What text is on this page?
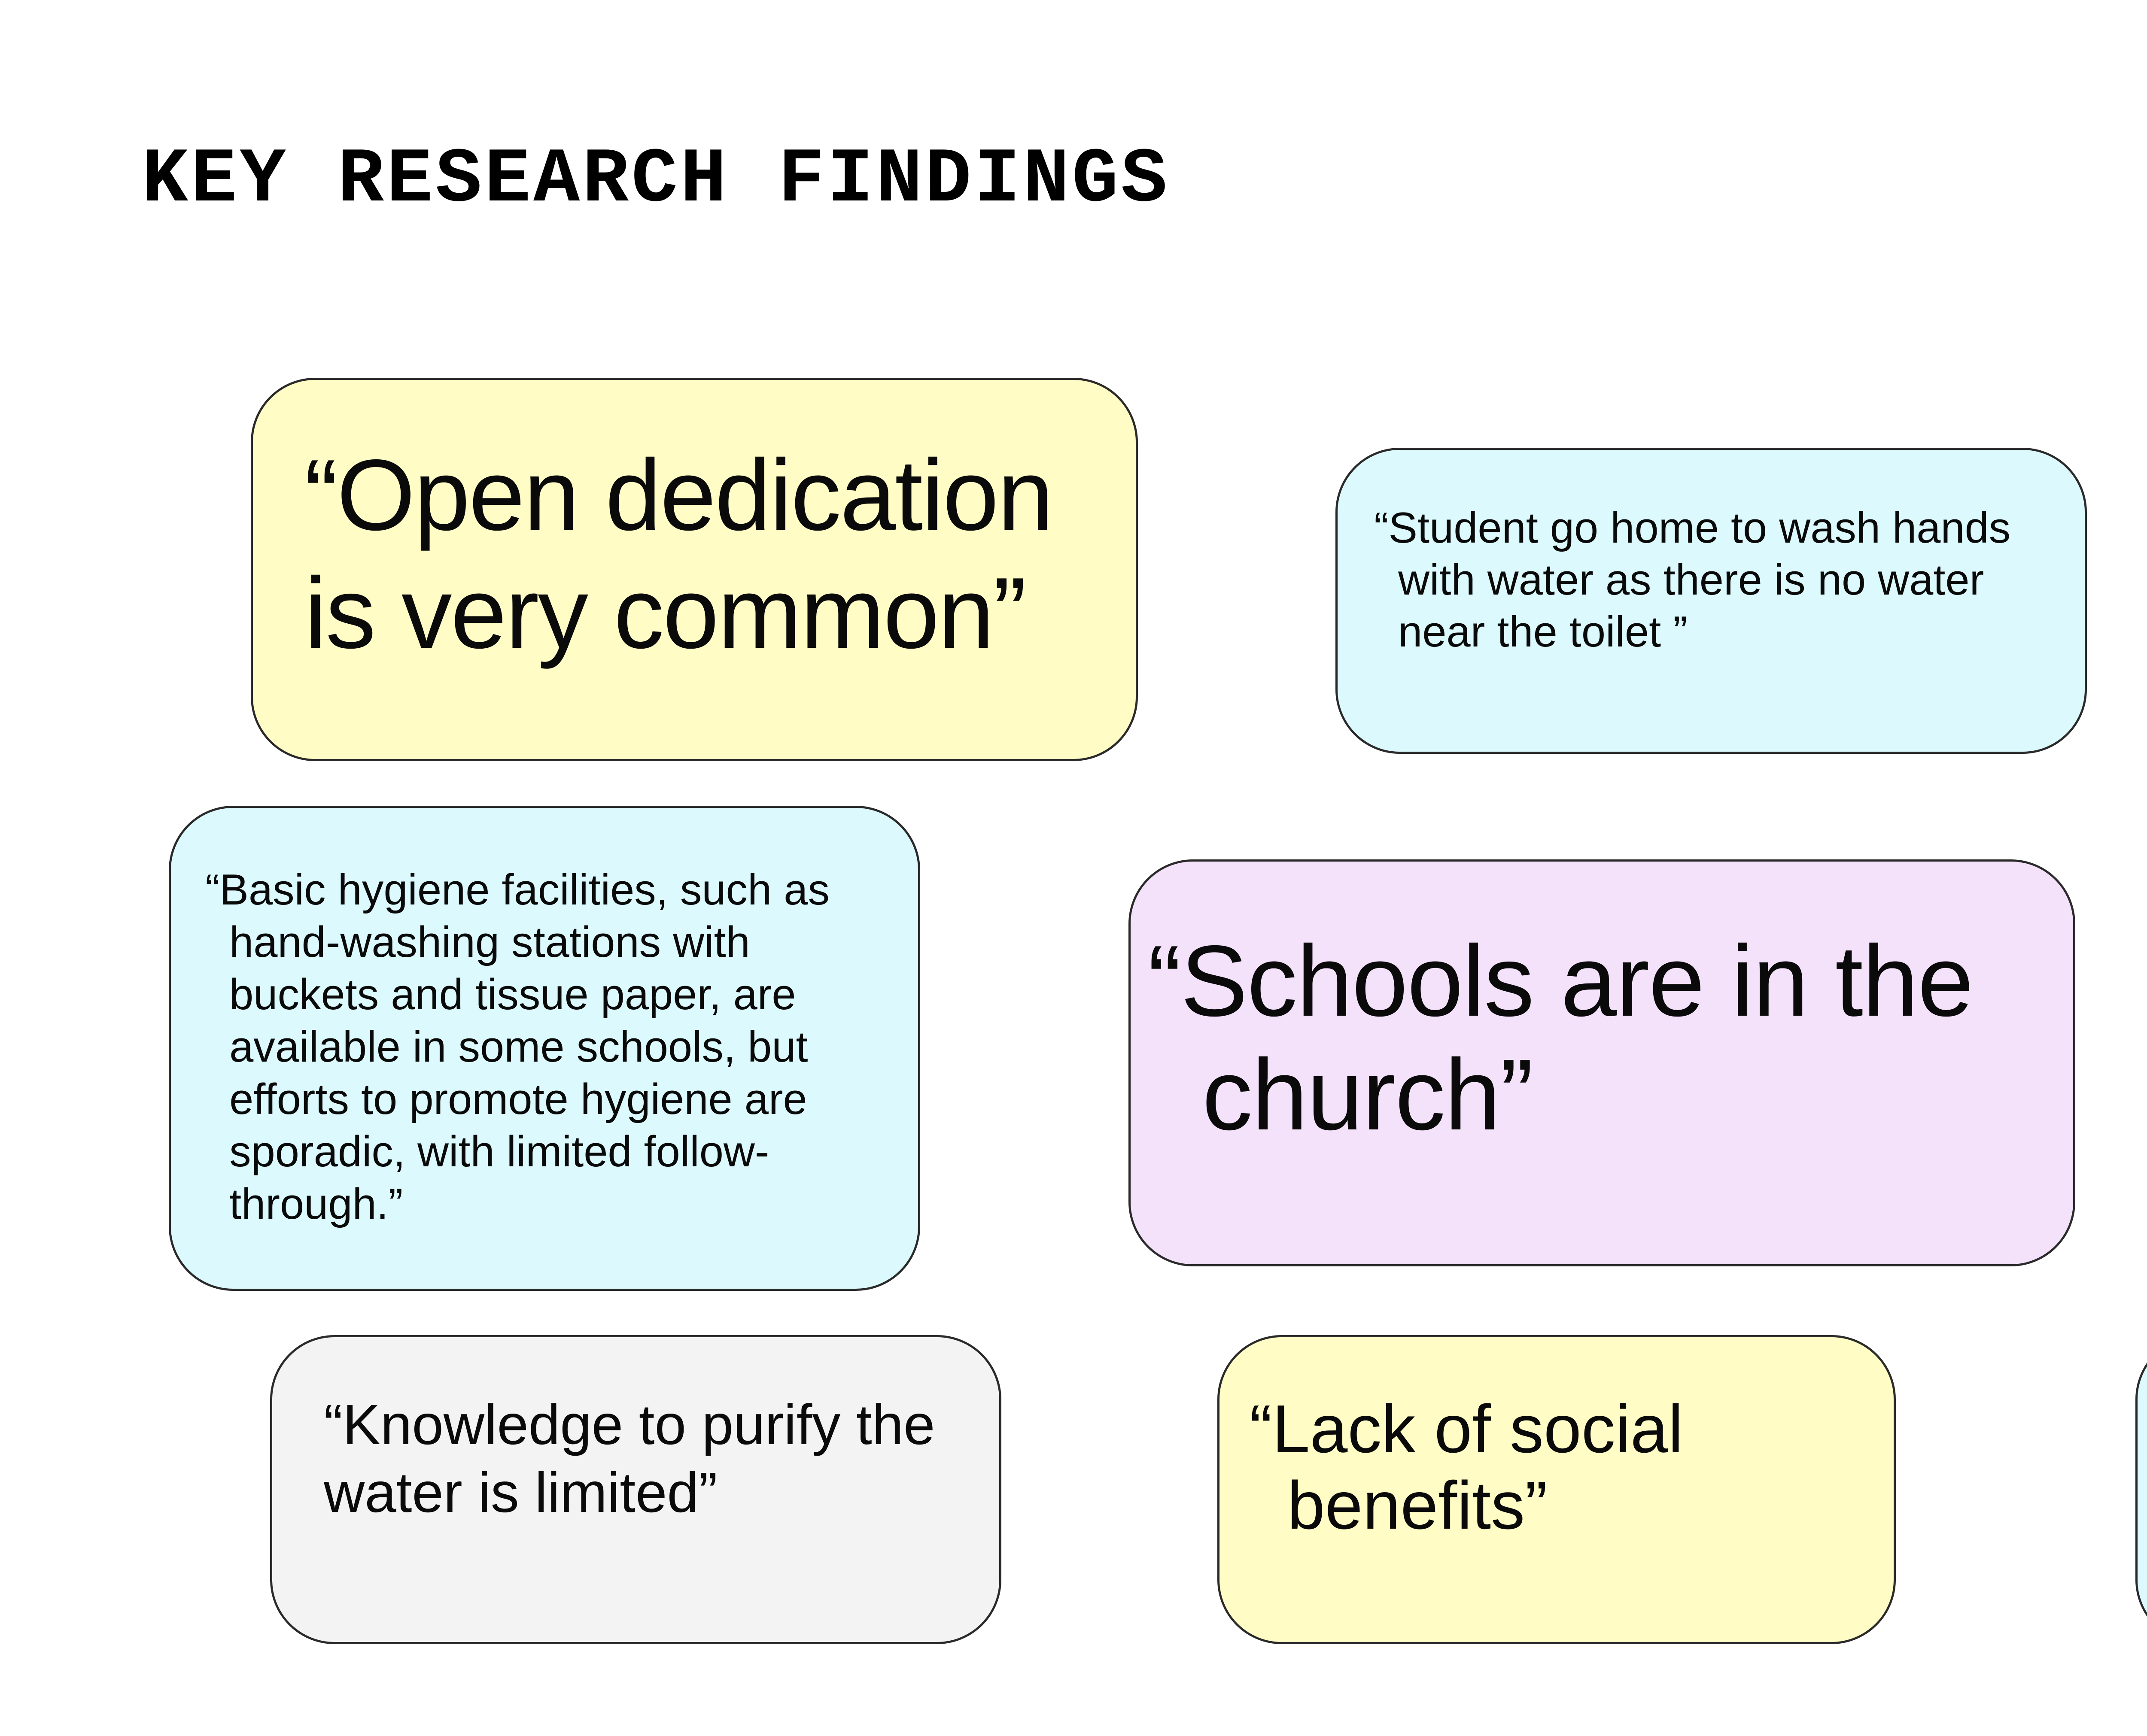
KEY RESEARCH FINDINGS

“Open dedication
is very common”

“Student go home to wash hands
with water as there is no water
near the toilet ”

“Basic hygiene facilities, such as
hand-washing stations with
buckets and tissue paper, are
available in some schools, but
efforts to promote hygiene are
sporadic, with limited follow-
through.”

“Schools are in the
church”

“Knowledge to purify the
water is limited”

“Lack of social
benefits”
